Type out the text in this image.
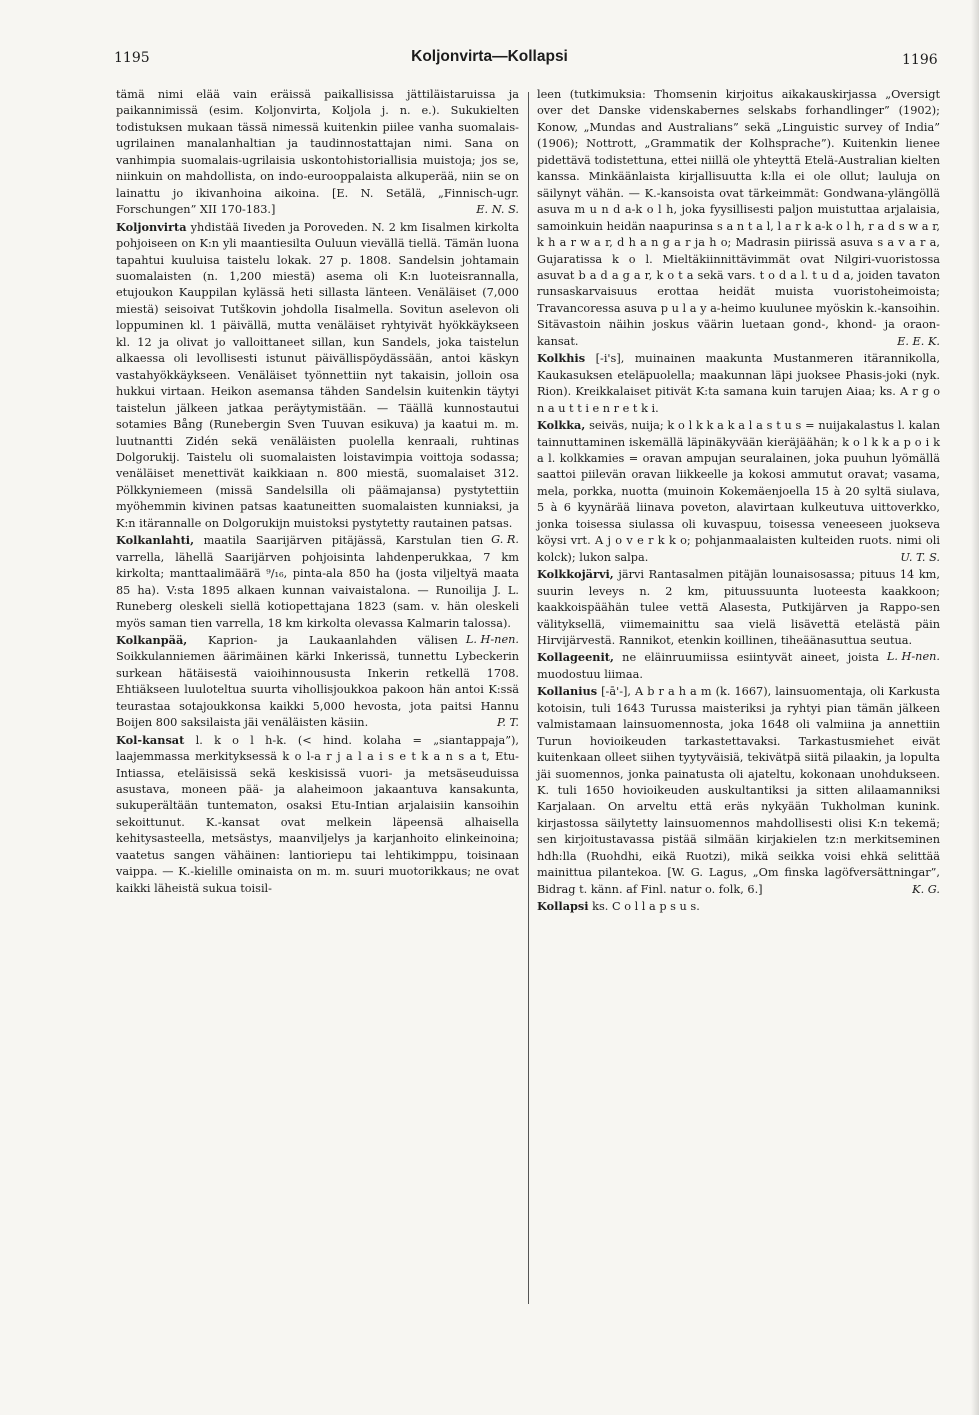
1195	Koljonvirta—Kollapsi	1196

tämä nimi elää vain eräissä paikallisissa jättiläistaruissa ja paikannimissä (esim. Koljonvirta, Koljola j. n. e.). Sukukielten todistuksen mukaan tässä nimessä kuitenkin piilee vanha suomalais-ugrilainen manalanhaltian ja taudinnostattajan nimi. Sana on vanhimpia suomalais-ugrilaisia uskontohistoriallisia muistoja; jos se, niinkuin on mahdollista, on indo-eurooppalaista alkuperää, niin se on lainattu jo ikivanhoina aikoina. [E. N. Setälä, „Finnisch-ugr. Forschungen” XII 170-183.]	E. N. S.

Koljonvirta yhdistää Iiveden ja Poroveden. N. 2 km Iisalmen kirkolta pohjoiseen on K:n yli maantiesilta Ouluun vievällä tiellä. Tämän luona tapahtui kuuluisa taistelu lokak. 27 p. 1808. Sandelsin johtamain suomalaisten (n. 1,200 miestä) asema oli K:n luoteisrannalla, etujoukon Kauppilan kylässä heti sillasta länteen. Venäläiset (7,000 miestä) seisoivat Tutškovin johdolla Iisalmella. Sovitun aselevon oli loppuminen kl. 1 päivällä, mutta venäläiset ryhtyivät hyökkäykseen kl. 12 ja olivat jo valloittaneet sillan, kun Sandels, joka taistelun alkaessa oli levollisesti istunut päivällispöydässään, antoi käskyn vastahyökkäykseen. Venäläiset työnnettiin nyt takaisin, jolloin osa hukkui virtaan. Heikon asemansa tähden Sandelsin kuitenkin täytyi taistelun jälkeen jatkaa peräytymistään. — Täällä kunnostautui sotamies Bång (Runebergin Sven Tuuvan esikuva) ja kaatui m. m. luutnantti Zidén sekä venäläisten puolella kenraali, ruhtinas Dolgorukij. Taistelu oli suomalaisten loistavimpia voittoja sodassa; venäläiset menettivät kaikkiaan n. 800 miestä, suomalaiset 312. Pölkkyniemeen (missä Sandelsilla oli päämajansa) pystytettiin myöhemmin kivinen patsas kaatuneitten suomalaisten kunniaksi, ja K:n itärannalle on Dolgorukijn muistoksi pystytetty rautainen patsas.
G. R.

Kolkanlahti, maatila Saarijärven pitäjässä, Karstulan tien varrella, lähellä Saarijärven pohjoisinta lahdenperukkaa, 7 km kirkolta; manttaalimäärä ⁹/₁₆, pinta-ala 850 ha (josta viljeltyä maata 85 ha). V:sta 1895 alkaen kunnan vaivaistalona. — Runoilija J. L. Runeberg oleskeli siellä kotiopettajana 1823 (sam. v. hän oleskeli myös saman tien varrella, 18 km kirkolta olevassa Kalmarin talossa).
L. H-nen.

Kolkanpää, Kaprion- ja Laukaanlahden välisen Soikkulanniemen äärimäinen kärki Inkerissä, tunnettu Lybeckerin surkean hätäisestä vaioihinnousustа Inkerin retkellä 1708. Ehtiäkseen luuloteltua suurta vihollisjoukkoa pakoon hän antoi K:ssä teurastaa sotajoukkonsa kaikki 5,000 hevosta, jota paitsi Hannu Boijen 800 saksilaista jäi venäläisten käsiin.	P. T.

Kol-kansat l. k o l h-k. (< hind. kolaha = „siantappaja”), laajemmassa merkityksessä k o l-a r j a l a i s e t k a n s a t, Etu-Intiassa, eteläisissä sekä keskisissä vuori- ja metsäseuduissa asustava, moneen pää- ja alaheimoon jakaantuva kansakunta, sukuperältään tuntematon, osaksi Etu-Intian arjalaisiin kansoihin sekoittunut. K.-kansat ovat melkein läpeensä alhaisella kehitysasteella, metsästys, maanviljelys ja karjanhoito elinkeinoina; vaatetus sangen vähäinen: lantioriepu tai lehtikimppu, toisinaan vaippa. — K.-kielille ominaista on m. m. suuri muotorikkaus; ne ovat kaikki läheistä sukua toisil-

leen (tutkimuksia: Thomsenin kirjoitus aikakauskirjassa „Oversigt over det Danske videnskabernes selskabs forhandlinger” (1902); Konow, „Mundas and Australians” sekä „Linguistic survey of India” (1906); Nottrott, „Grammatik der Kolhsprache”). Kuitenkin lienee pidettävä todistettuna, ettei niillä ole yhteyttä Etelä-Australian kielten kanssa. Minkäänlaista kirjallisuutta k:lla ei ole ollut; lauluja on säilynyt vähän. — K.-kansoista ovat tärkeimmät: Gondwana-ylängöllä asuva m u n d a-k o l h, joka fyysillisesti paljon muistuttaa arjalaisia, samoinkuin heidän naapurinsa s a n t a l, l a r k a-k o l h, r a d s w a r, k h a r w a r, d h a n g a r ja h o; Madrasin piirissä asuva s a v a r a, Gujaratissa k o l. Mieltäkiinnittävimmät ovat Nilgiri-vuoristossa asuvat b a d a g a r, k o t a sekä vars. t o d a l. t u d a, joiden tavaton runsaskarvaisuus erottaa heidät muista vuoristoheimoista; Travancoressa asuva p u l a y a-heimo kuulunee myöskin k.-kansoihin. Sitävastoin näihin joskus väärin luetaan gond-, khond- ja oraon-kansat.	E. E. K.

Kolkhis [-i's], muinainen maakunta Mustanmeren itärannikolla, Kaukasuksen eteläpuolella; maakunnan läpi juoksee Phasis-joki (nyk. Rion). Kreikkalaiset pitivät K:ta samana kuin tarujen Aiaa; ks. A r g o n a u t t i e n r e t k i.

Kolkka, seiväs, nuija; k o l k k a k a l a s t u s = nuijakalastus l. kalan tainnuttaminen iskemällä läpinäkyvään kieräjäähän; k o l k k a p o i k a l. kolkkamies = oravan ampujan seuralainen, joka puuhun lyömällä saattoi piilevän oravan liikkeelle ja kokosi ammutut oravat; vasama, mela, porkka, nuotta (muinoin Kokemäenjoella 15 à 20 syltä siulava, 5 à 6 kyynärää liinava poveton, alavirtaan kulkeutuva uittoverkko, jonka toisessa siulassa oli kuvaspuu, toisessa veneeseen juokseva köysi vrt. A j o v e r k k o; pohjanmaalaisten kulteiden ruots. nimi oli kolck); lukon salpa.	U. T. S.

Kolkkojärvi, järvi Rantasalmen pitäjän lounaisosassa; pituus 14 km, suurin leveys n. 2 km, pituussuunta luoteesta kaakkoon; kaakkoispäähän tulee vettä Alasesta, Putkijärven ja Rappo-sen välityksellä, viimemainittu saa vielä lisävettä etelästä päin Hirvijärvestä. Rannikot, etenkin koillinen, tiheäänasuttua seutua.
L. H-nen.

Kollageenit, ne eläinruumiissa esiintyvät aineet, joista muodostuu liimaa.

Kollanius [-ā'-], A b r a h a m (k. 1667), lainsuomentaja, oli Karkusta kotoisin, tuli 1643 Turussa maisteriksi ja ryhtyi pian tämän jälkeen valmistamaan lainsuomennosta, joka 1648 oli valmiina ja annettiin Turun hovioikeuden tarkastettavaksi. Tarkastusmiehet eivät kuitenkaan olleet siihen tyytyväisiä, tekivätpä siitä pilaakin, ja lopulta jäi suomennos, jonka painatusta oli ajateltu, kokonaan unohdukseen. K. tuli 1650 hovioikeuden auskultantiksi ja sitten alilaamanniksi Karjalaan. On arveltu että eräs nykyään Tukholman kunink. kirjastossa säilytetty lainsuomennos mahdollisesti olisi K:n tekemä; sen kirjoitustavassa pistää silmään kirjakielen tz:n merkitseminen hdh:lla (Ruohdhi, eikä Ruotzi), mikä seikka voisi ehkä selittää mainittua pilantekoa. [W. G. Lagus, „Om finska lagöfversättningar”, Bidrag t. känn. af Finl. natur o. folk, 6.]	K. G.

Kollapsi ks. C o l l a p s u s.
